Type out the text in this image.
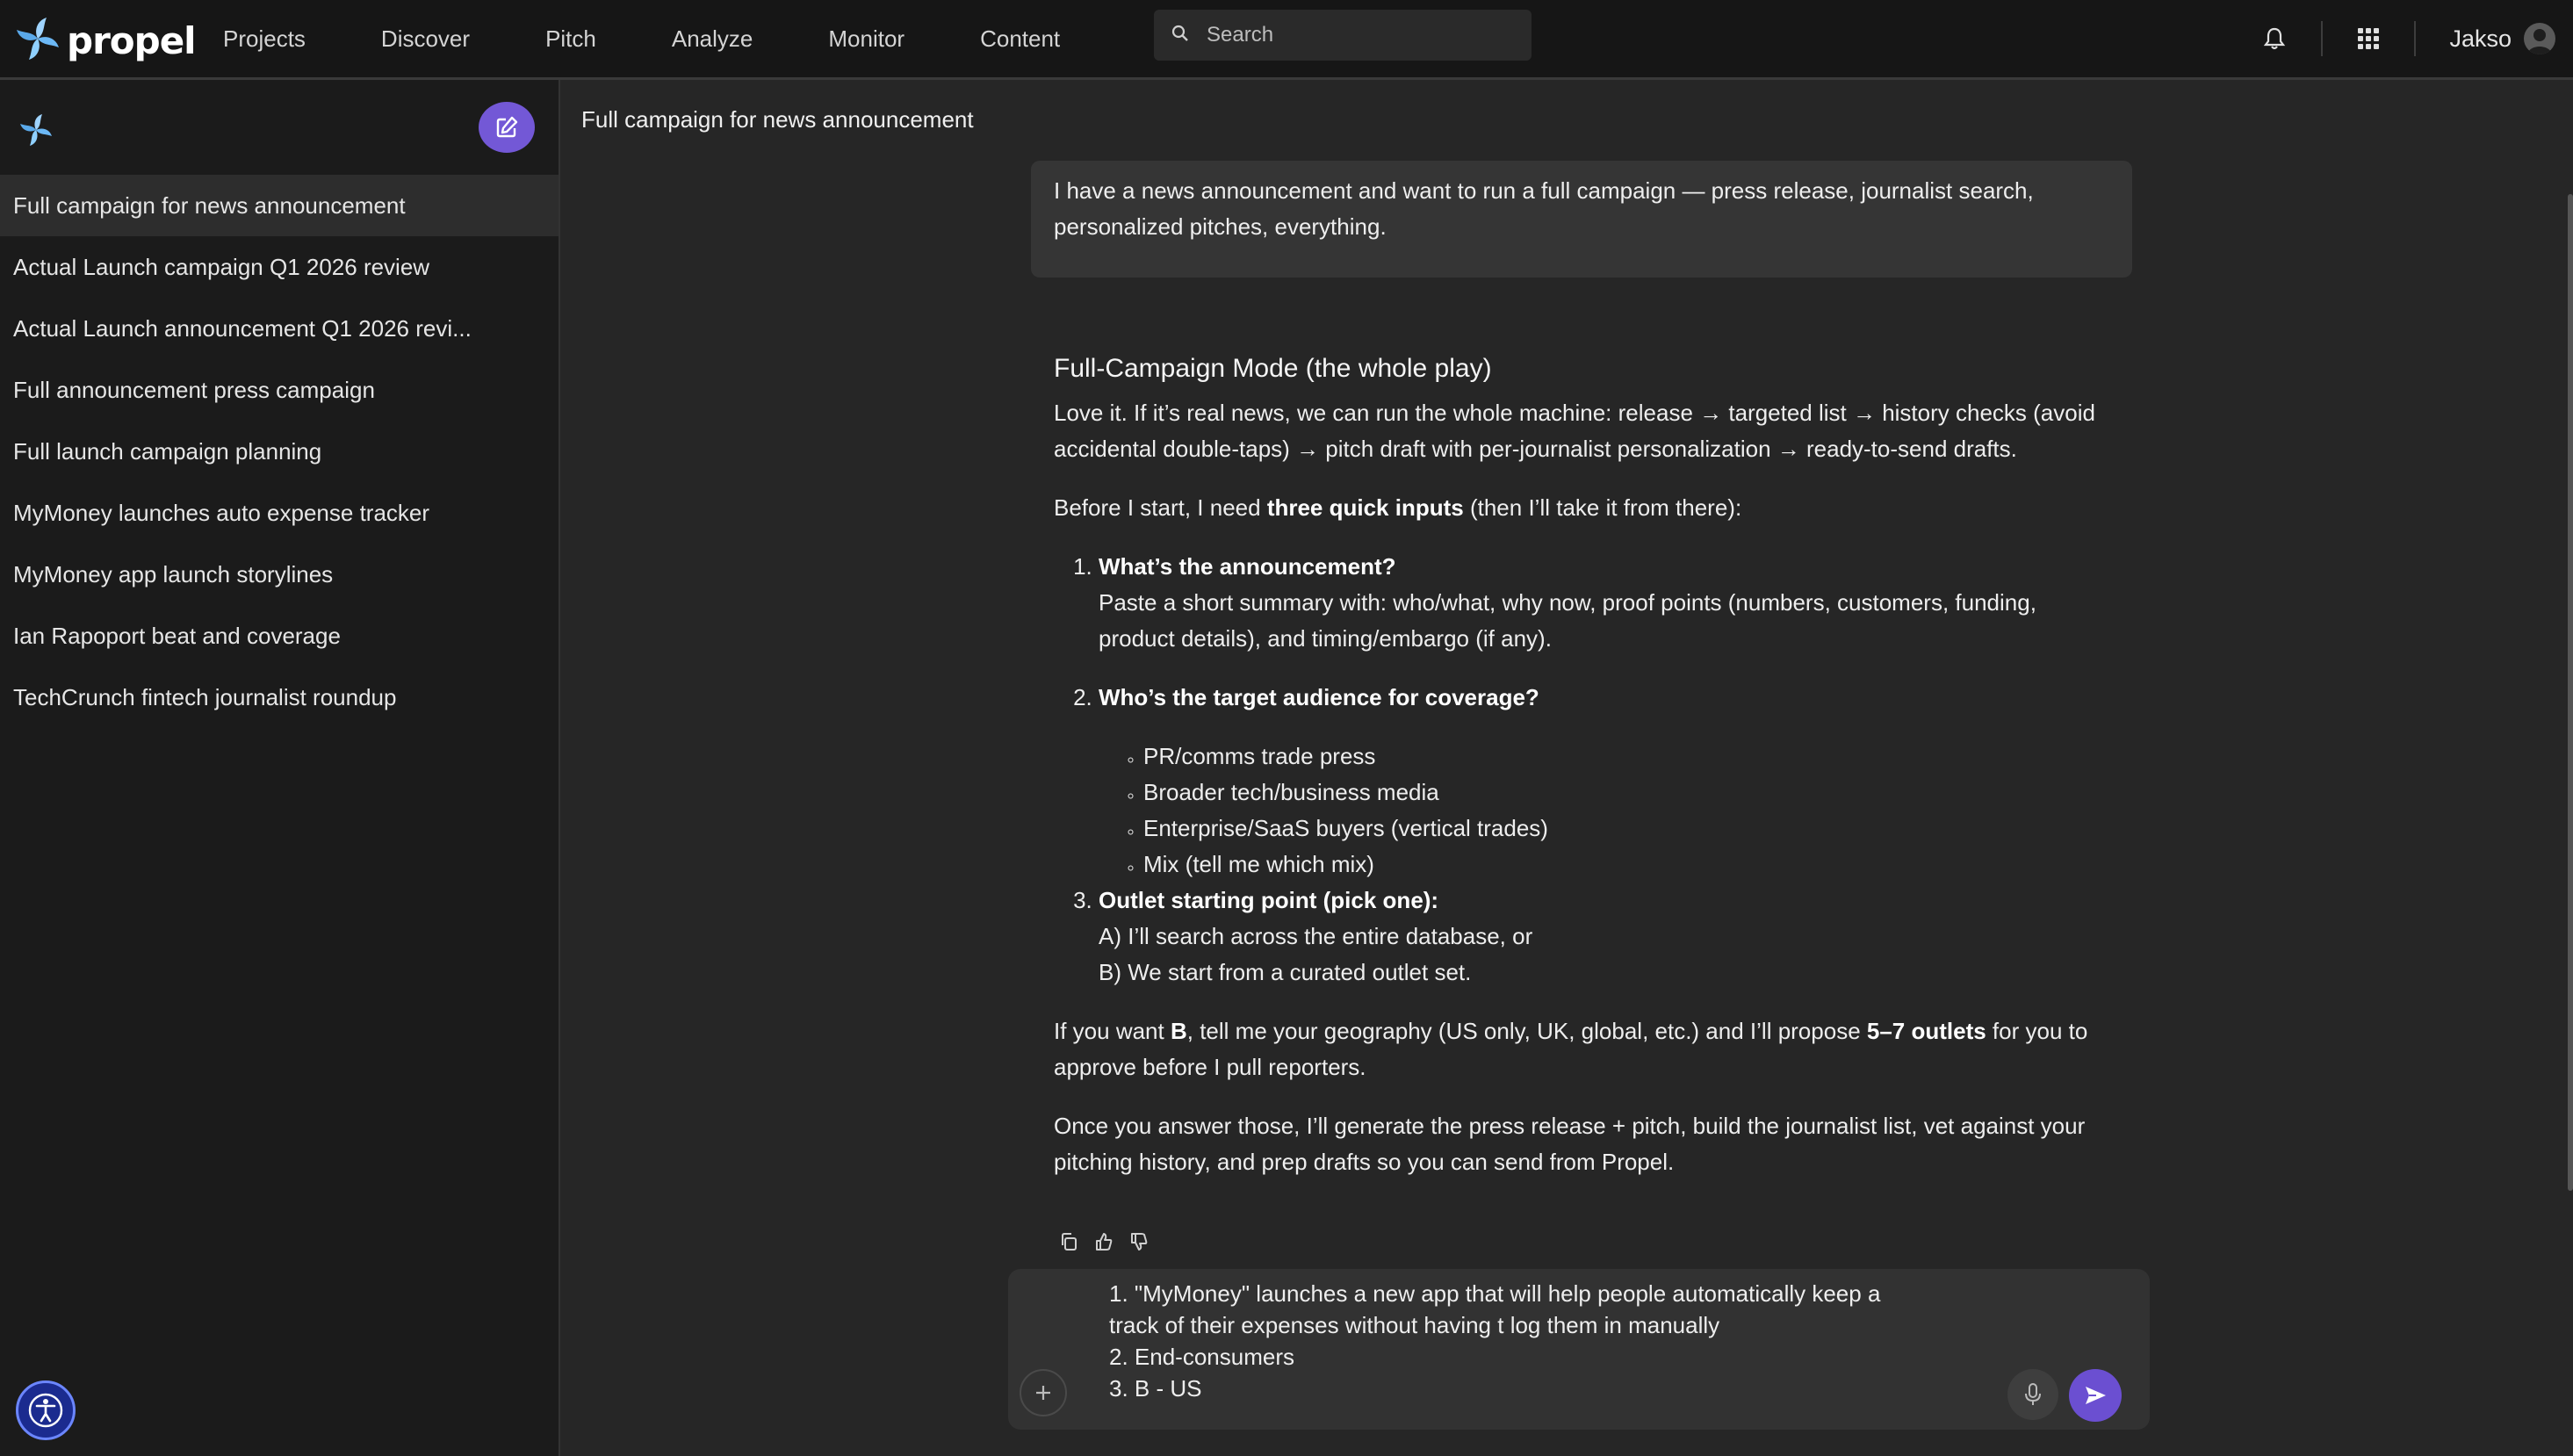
propel Projects	Discover	Pitch	Analyze	Monitor	Content	Search	Jakso
Full campaign for news announcement
Actual Launch campaign Q1 2026 review
Actual Launch announcement Q1 2026 revi...
Full announcement press campaign
Full launch campaign planning
MyMoney launches auto expense tracker
MyMoney app launch storylines
Ian Rapoport beat and coverage
TechCrunch fintech journalist roundup
Full campaign for news announcement
I have a news announcement and want to run a full campaign — press release, journalist search, personalized pitches, everything.
Full-Campaign Mode (the whole play)

Love it. If it’s real news, we can run the whole machine: release → targeted list → history checks (avoid accidental double-taps) → pitch draft with per-journalist personalization → ready-to-send drafts.

Before I start, I need three quick inputs (then I’ll take it from there):

1. What’s the announcement?
Paste a short summary with: who/what, why now, proof points (numbers, customers, funding, product details), and timing/embargo (if any).
2. Who’s the target audience for coverage?
◦ PR/comms trade press
◦ Broader tech/business media
◦ Enterprise/SaaS buyers (vertical trades)
◦ Mix (tell me which mix)
3. Outlet starting point (pick one):
A) I’ll search across the entire database, or
B) We start from a curated outlet set.

If you want B, tell me your geography (US only, UK, global, etc.) and I’ll propose 5–7 outlets for you to approve before I pull reporters.

Once you answer those, I’ll generate the press release + pitch, build the journalist list, vet against your pitching history, and prep drafts so you can send from Propel.

1. "MyMoney" launches a new app that will help people automatically keep a
track of their expenses without having t log them in manually
2. End-consumers
3. B - US
